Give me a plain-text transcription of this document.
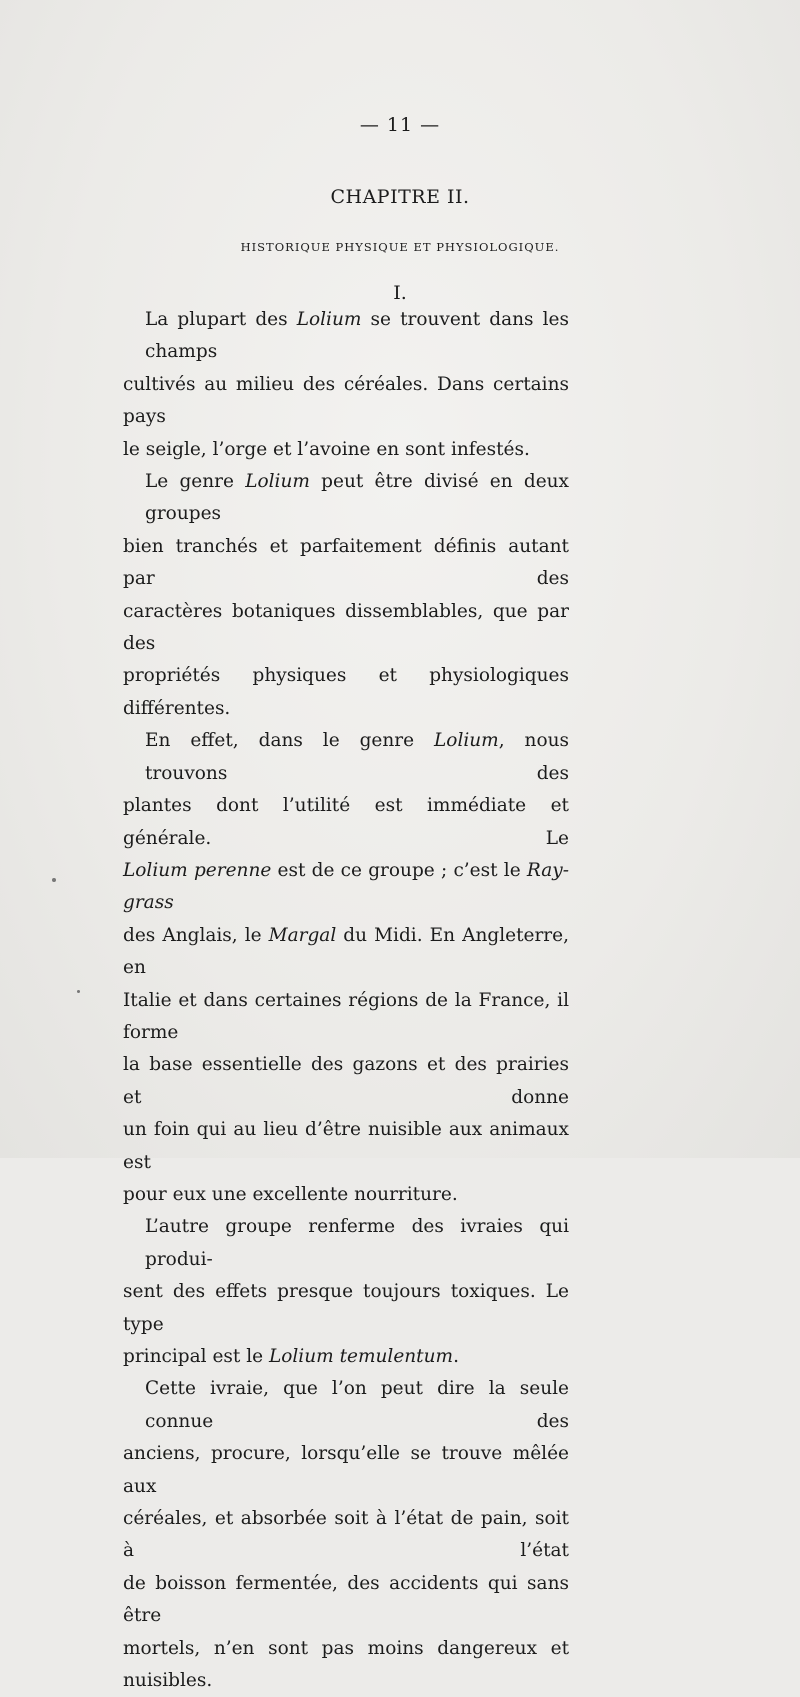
— 11 —
CHAPITRE II.
HISTORIQUE PHYSIQUE ET PHYSIOLOGIQUE.
I.

La plupart des Lolium se trouvent dans les champs
cultivés au milieu des céréales. Dans certains pays
le seigle, l’orge et l’avoine en sont infestés.

Le genre Lolium peut être divisé en deux groupes
bien tranchés et parfaitement définis autant par des
caractères botaniques dissemblables, que par des
propriétés physiques et physiologiques différentes.

En effet, dans le genre Lolium, nous trouvons des
plantes dont l’utilité est immédiate et générale. Le
Lolium perenne est de ce groupe ; c’est le Ray-grass
des Anglais, le Margal du Midi. En Angleterre, en
Italie et dans certaines régions de la France, il forme
la base essentielle des gazons et des prairies et donne
un foin qui au lieu d’être nuisible aux animaux est
pour eux une excellente nourriture.

L’autre groupe renferme des ivraies qui produi-
sent des effets presque toujours toxiques. Le type
principal est le Lolium temulentum.

Cette ivraie, que l’on peut dire la seule connue des
anciens, procure, lorsqu’elle se trouve mêlée aux
céréales, et absorbée soit à l’état de pain, soit à l’état
de boisson fermentée, des accidents qui sans être
mortels, n’en sont pas moins dangereux et nuisibles.
